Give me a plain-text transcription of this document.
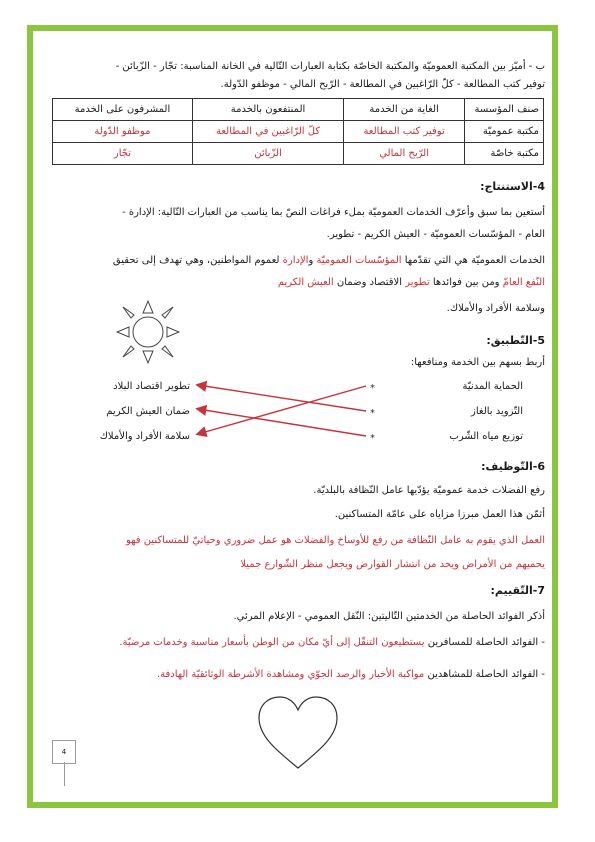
ب - أميّز بين المكتبة العموميّة والمكتبة الخاصّة بكتابة العبارات التّالية في الخانة المناسبة: تجّار - الزّبائن -
توفير كتب المطالعة - كلّ الرّاغبين في المطالعة - الرّبح المالي - موظفو الدّولة.
صنف المؤسسة	الغاية من الخدمة	المنتفعون بالخدمة	المشرفون على الخدمة
مكتبة عموميّة	توفير كتب المطالعة	كلّ الرّاغبين في المطالعة	موظفو الدّولة
مكتبة خاصّة	الرّبح المالي	الزّبائن	تجّار
4-الاستنتاج:
أستعين بما سبق وأعرّف الخدمات العموميّة بملء فراغات النصّ بما يناسب من العبارات التّالية: الإدارة -
العام - المؤسّسات العموميّة - العيش الكريم - تطوير.
الخدمات العموميّة هي التي تقدّمها المؤسّسات العموميّة والإدارة لعموم المواطنين، وهي تهدف إلى تحقيق
النّفع العامّ ومن بين فوائدها تطوير الاقتصاد وضمان العيش الكريم
وسلامة الأفراد والأملاك.
5-التّطبيق:
أربط بسهم بين الخدمة ومنافعها:
الحماية المدنيّة
التّزويد بالغاز
توزيع مياه الشّرب
تطوير اقتصاد البلاد
ضمان العيش الكريم
سلامة الأفراد والأملاك
*
*
*
6-التّوظيف:
رفع الفضلات خدمة عموميّة يؤدّيها عامل النّظافة بالبلديّة.
أثمّن هذا العمل مبرزا مزاياه على عامّة المتساكنين.
العمل الذي يقوم به عامل النّظافة من رفع للأوساخ والفضلات هو عمل ضروري وحياتيّ للمتساكنين فهو
يحميهم من الأمراض ويحد من انتشار القوارض ويجعل منظر الشّوارع جميلا
7-التّقييم:
أذكر الفوائد الحاصلة من الخدمتين التّاليتين: النّقل العمومي - الإعلام المرئي.
- الفوائد الحاصلة للمسافرين يستطيعون التنقّل إلى أيّ مكان من الوطن بأسعار مناسبة وخدمات مرضيّة.
- الفوائد الحاصلة للمشاهدين مواكبة الأخبار والرصد الجوّي ومشاهدة الأشرطة الوثائقيّة الهادفة.
4
